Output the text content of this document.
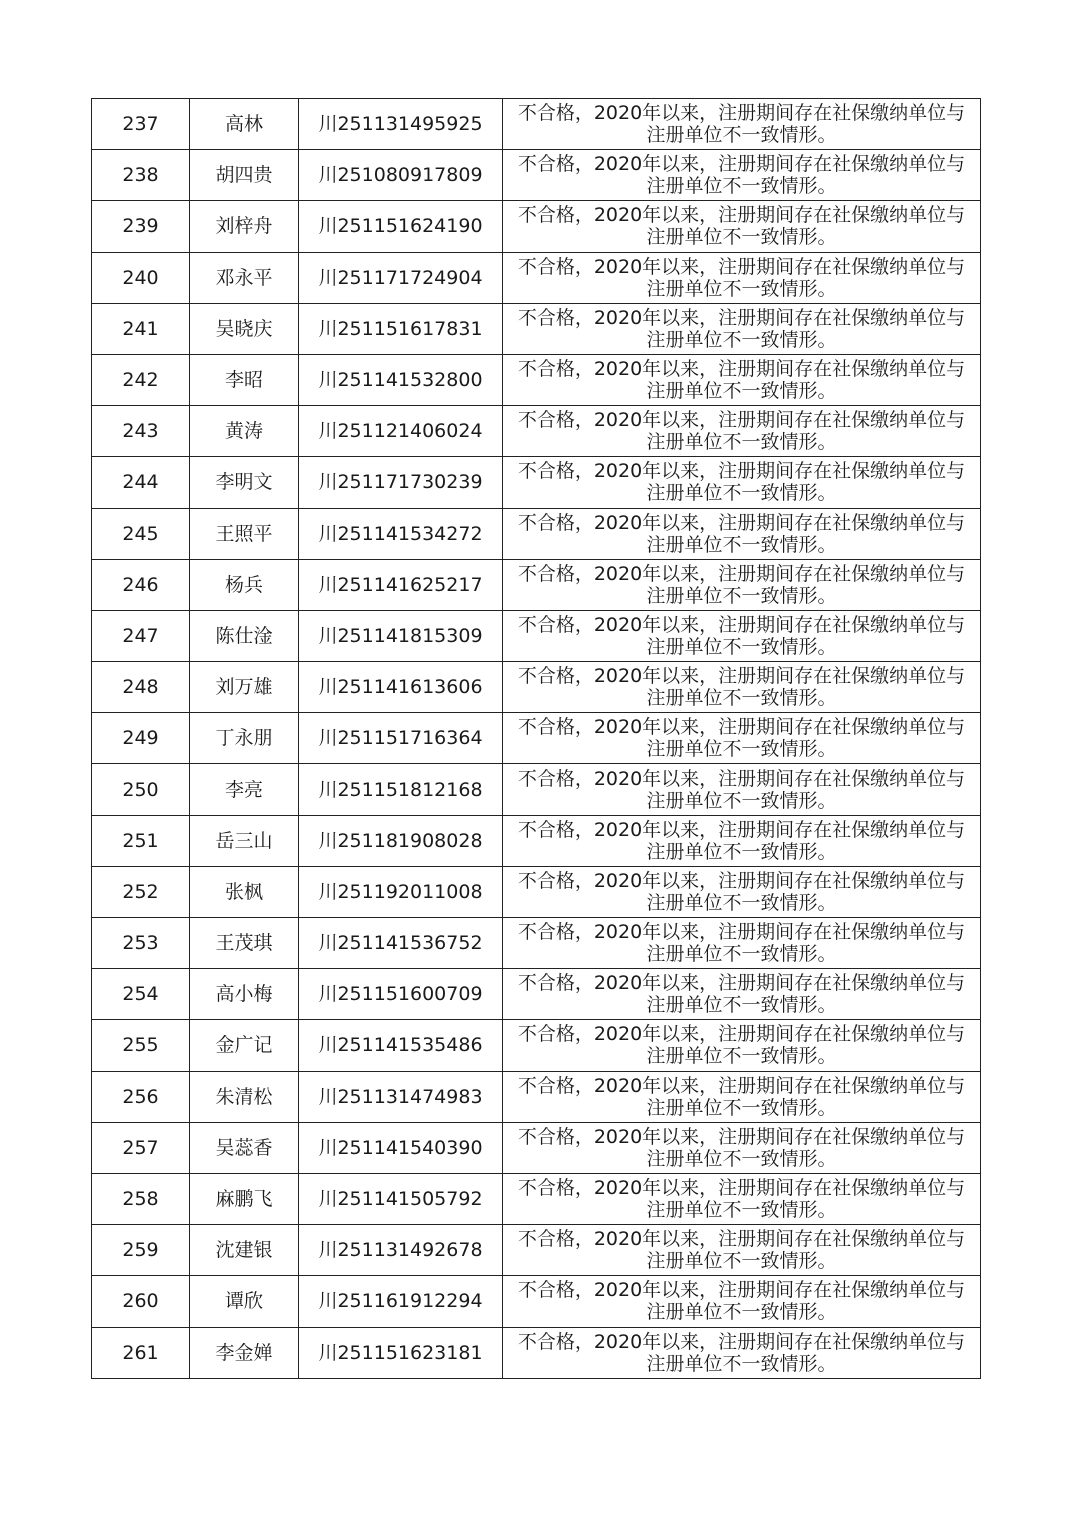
237	高林	川251131495925	不合格，2020年以来，注册期间存在社保缴纳单位与
注册单位不一致情形。

238	胡四贵	川251080917809	不合格，2020年以来，注册期间存在社保缴纳单位与
注册单位不一致情形。

239	刘梓舟	川251151624190	不合格，2020年以来，注册期间存在社保缴纳单位与
注册单位不一致情形。

240	邓永平	川251171724904	不合格，2020年以来，注册期间存在社保缴纳单位与
注册单位不一致情形。

241	吴晓庆	川251151617831	不合格，2020年以来，注册期间存在社保缴纳单位与
注册单位不一致情形。

242	李昭	川251141532800	不合格，2020年以来，注册期间存在社保缴纳单位与
注册单位不一致情形。

243	黄涛	川251121406024	不合格，2020年以来，注册期间存在社保缴纳单位与
注册单位不一致情形。

244	李明文	川251171730239	不合格，2020年以来，注册期间存在社保缴纳单位与
注册单位不一致情形。

245	王照平	川251141534272	不合格，2020年以来，注册期间存在社保缴纳单位与
注册单位不一致情形。

246	杨兵	川251141625217	不合格，2020年以来，注册期间存在社保缴纳单位与
注册单位不一致情形。

247	陈仕淦	川251141815309	不合格，2020年以来，注册期间存在社保缴纳单位与
注册单位不一致情形。

248	刘万雄	川251141613606	不合格，2020年以来，注册期间存在社保缴纳单位与
注册单位不一致情形。

249	丁永朋	川251151716364	不合格，2020年以来，注册期间存在社保缴纳单位与
注册单位不一致情形。

250	李亮	川251151812168	不合格，2020年以来，注册期间存在社保缴纳单位与
注册单位不一致情形。

251	岳三山	川251181908028	不合格，2020年以来，注册期间存在社保缴纳单位与
注册单位不一致情形。

252	张枫	川251192011008	不合格，2020年以来，注册期间存在社保缴纳单位与
注册单位不一致情形。

253	王茂琪	川251141536752	不合格，2020年以来，注册期间存在社保缴纳单位与
注册单位不一致情形。

254	高小梅	川251151600709	不合格，2020年以来，注册期间存在社保缴纳单位与
注册单位不一致情形。

255	金广记	川251141535486	不合格，2020年以来，注册期间存在社保缴纳单位与
注册单位不一致情形。

256	朱清松	川251131474983	不合格，2020年以来，注册期间存在社保缴纳单位与
注册单位不一致情形。

257	吴蕊香	川251141540390	不合格，2020年以来，注册期间存在社保缴纳单位与
注册单位不一致情形。

258	麻鹏飞	川251141505792	不合格，2020年以来，注册期间存在社保缴纳单位与
注册单位不一致情形。

259	沈建银	川251131492678	不合格，2020年以来，注册期间存在社保缴纳单位与
注册单位不一致情形。

260	谭欣	川251161912294	不合格，2020年以来，注册期间存在社保缴纳单位与
注册单位不一致情形。

261	李金婵	川251151623181	不合格，2020年以来，注册期间存在社保缴纳单位与
注册单位不一致情形。
